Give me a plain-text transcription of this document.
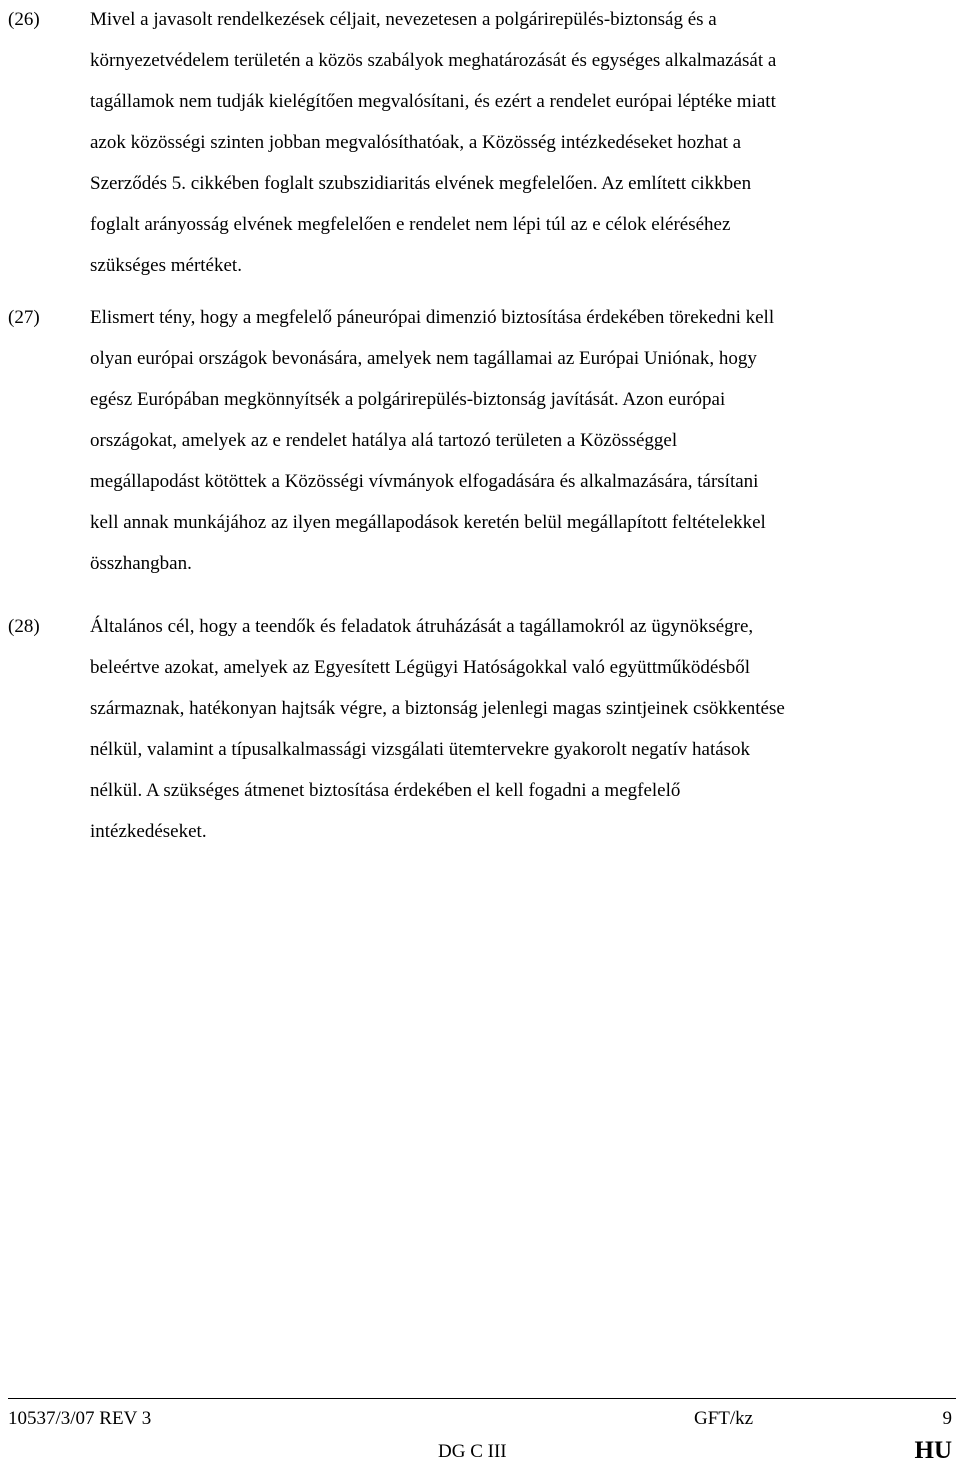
(26)	Mivel a javasolt rendelkezések céljait, nevezetesen a polgárirepülés-biztonság és a
környezetvédelem területén a közös szabályok meghatározását és egységes alkalmazását a
tagállamok nem tudják kielégítően megvalósítani, és ezért a rendelet európai léptéke miatt
azok közösségi szinten jobban megvalósíthatóak, a Közösség intézkedéseket hozhat a
Szerződés 5. cikkében foglalt szubszidiaritás elvének megfelelően. Az említett cikkben
foglalt arányosság elvének megfelelően e rendelet nem lépi túl az e célok eléréséhez
szükséges mértéket.
(27)	Elismert tény, hogy a megfelelő páneurópai dimenzió biztosítása érdekében törekedni kell
olyan európai országok bevonására, amelyek nem tagállamai az Európai Uniónak, hogy
egész Európában megkönnyítsék a polgárirepülés-biztonság javítását. Azon európai
országokat, amelyek az e rendelet hatálya alá tartozó területen a Közösséggel
megállapodást kötöttek a Közösségi vívmányok elfogadására és alkalmazására, társítani
kell annak munkájához az ilyen megállapodások keretén belül megállapított feltételekkel
összhangban.
(28)	Általános cél, hogy a teendők és feladatok átruházását a tagállamokról az ügynökségre,
beleértve azokat, amelyek az Egyesített Légügyi Hatóságokkal való együttműködésből
származnak, hatékonyan hajtsák végre, a biztonság jelenlegi magas szintjeinek csökkentése
nélkül, valamint a típusalkalmassági vizsgálati ütemtervekre gyakorolt negatív hatások
nélkül. A szükséges átmenet biztosítása érdekében el kell fogadni a megfelelő
intézkedéseket.
10537/3/07 REV 3	GFT/kz	9
DG C III	HU
